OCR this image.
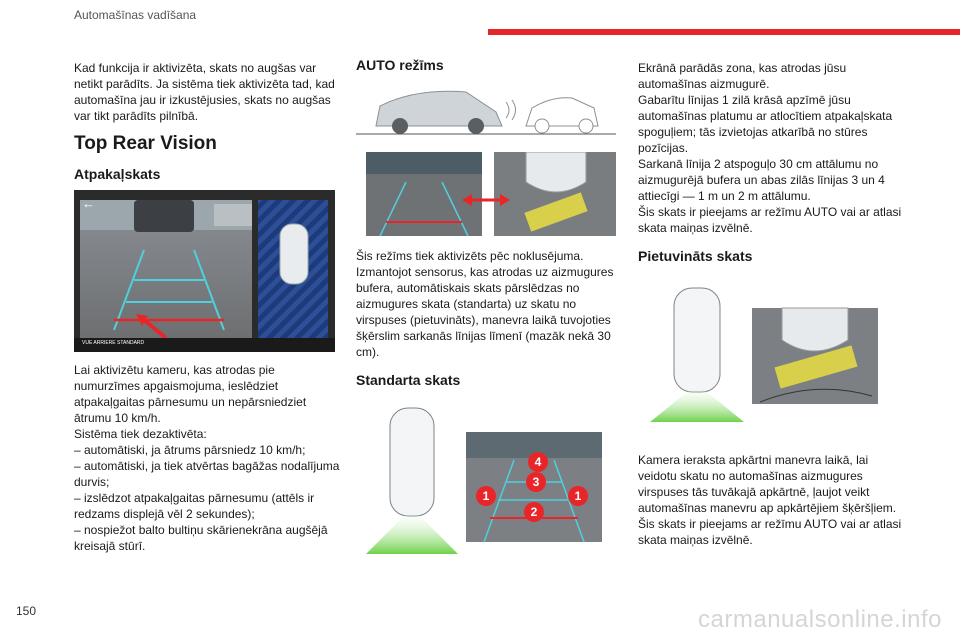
Automašīnas vadīšana

Kad funkcija ir aktivizēta, skats no augšas var netikt parādīts. Ja sistēma tiek aktivizēta tad, kad automašīna jau ir izkustējusies, skats no augšas var tikt parādīts pilnībā.

Top Rear Vision
Atpakaļskats
←
VUE ARRIERE STANDARD
Lai aktivizētu kameru, kas atrodas pie numurzīmes apgaismojuma, ieslēdziet atpakaļgaitas pārnesumu un nepārsniedziet ātrumu 10 km/h.
Sistēma tiek dezaktivēta:
– automātiski, ja ātrums pārsniedz 10 km/h;
– automātiski, ja tiek atvērtas bagāžas nodalījuma durvis;
– izslēdzot atpakaļgaitas pārnesumu (attēls ir redzams displejā vēl 2 sekundes);
– nospiežot balto bultiņu skārienekrāna augšējā kreisajā stūrī.
AUTO režīms
Šis režīms tiek aktivizēts pēc noklusējuma. Izmantojot sensorus, kas atrodas uz aizmugures bufera, automātiskais skats pārslēdzas no aizmugures skata (standarta) uz skatu no virspuses (pietuvināts), manevra laikā tuvojoties šķērslim sarkanās līnijas līmenī (mazāk nekā 30 cm).
Standarta skats
1	1
2
3
4
Ekrānā parādās zona, kas atrodas jūsu automašīnas aizmugurē.
Gabarītu līnijas 1 zilā krāsā apzīmē jūsu automašīnas platumu ar atlocītiem atpakaļskata spoguļiem; tās izvietojas atkarībā no stūres pozīcijas.
Sarkanā līnija 2 atspoguļo 30 cm attālumu no aizmugurējā bufera un abas zilās līnijas 3 un 4 attiecīgi — 1 m un 2 m attālumu.
Šis skats ir pieejams ar režīmu AUTO vai ar atlasi skata maiņas izvēlnē.
Pietuvināts skats
Kamera ieraksta apkārtni manevra laikā, lai veidotu skatu no automašīnas aizmugures virspuses tās tuvākajā apkārtnē, ļaujot veikt automašīnas manevru ap apkārtējiem šķēršļiem. Šis skats ir pieejams ar režīmu AUTO vai ar atlasi skata maiņas izvēlnē.
150	carmanualsonline.info
